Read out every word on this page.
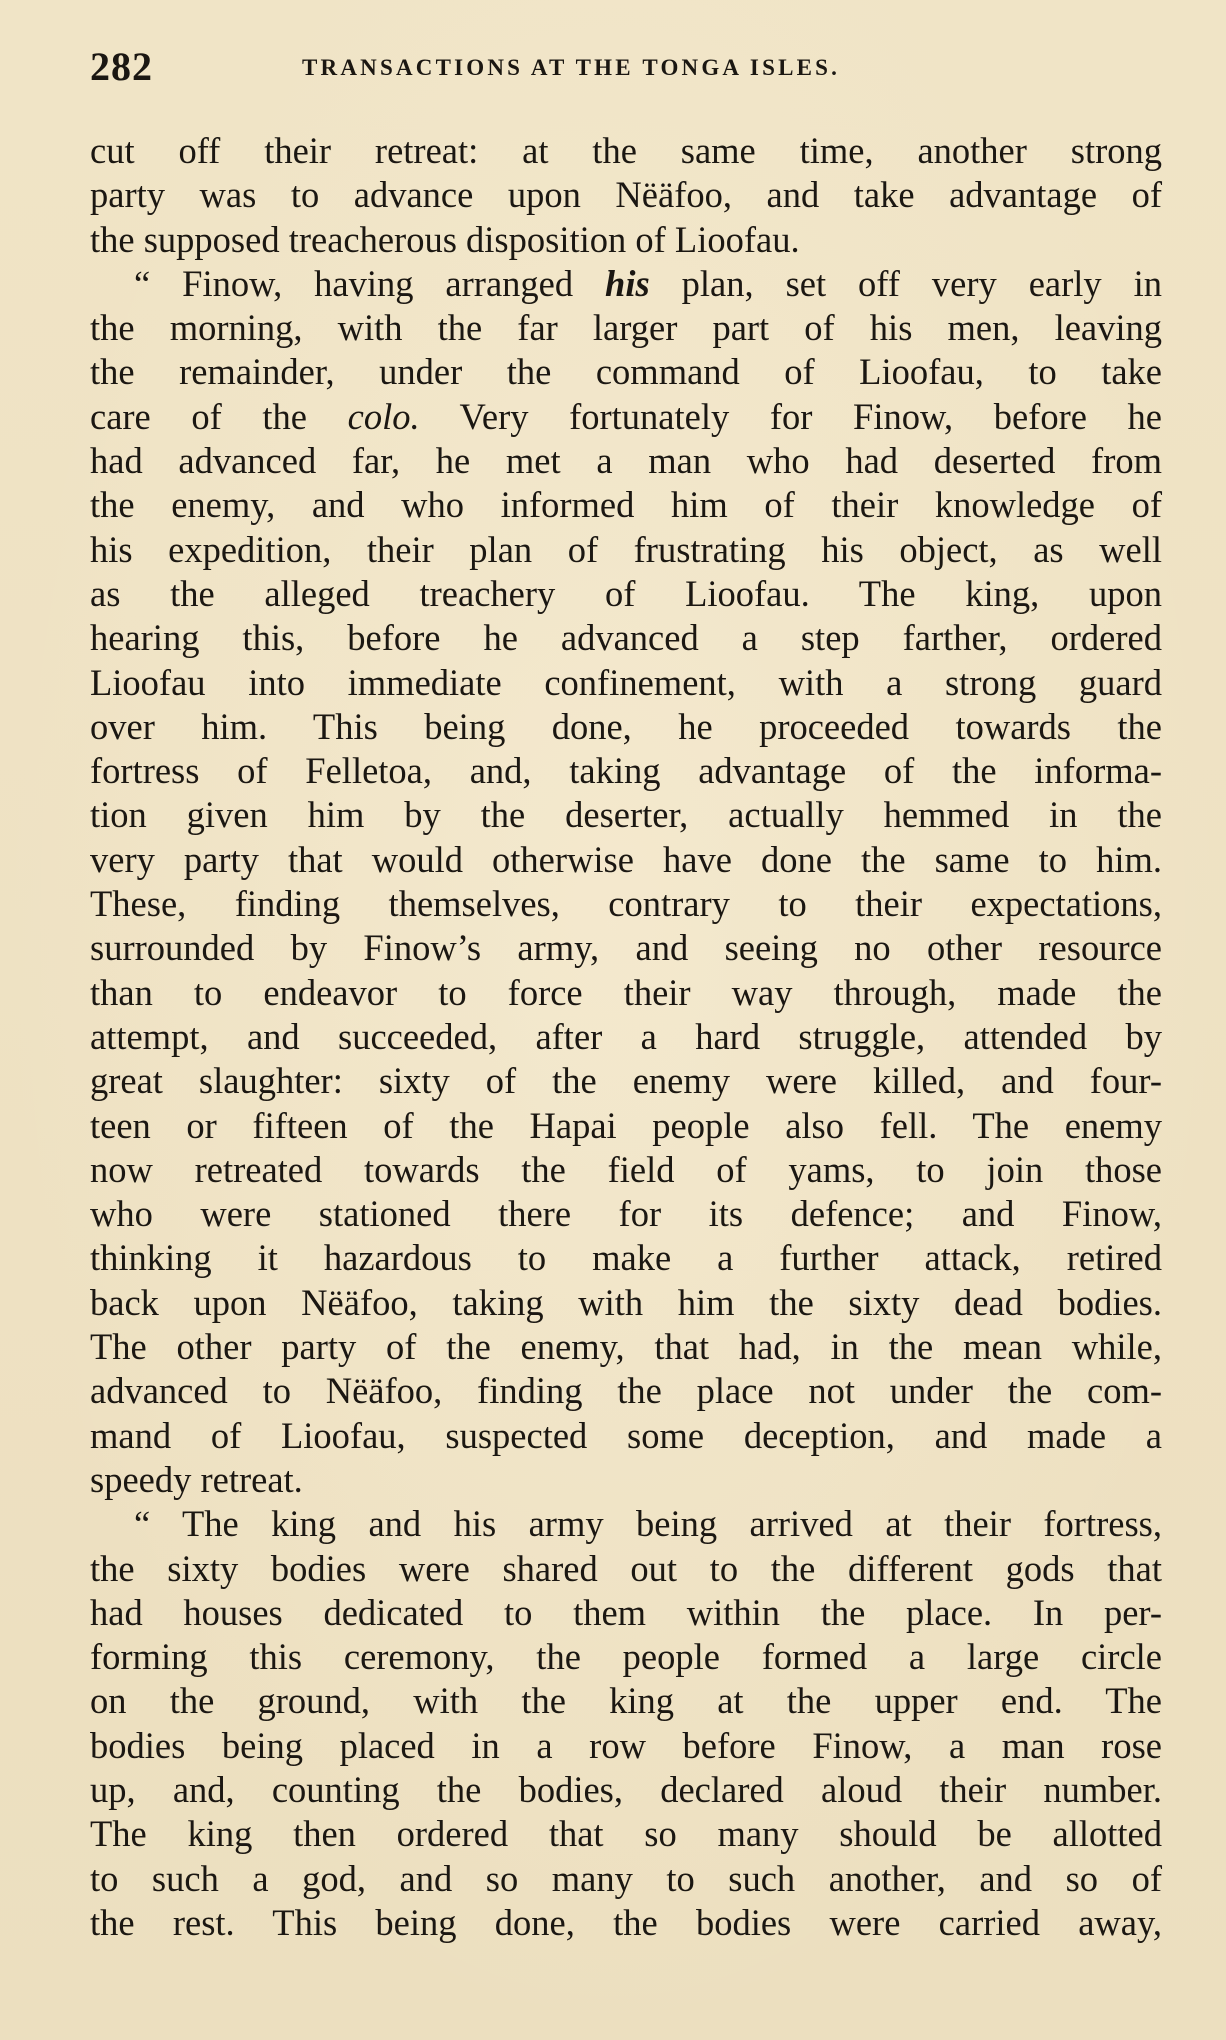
282	TRANSACTIONS AT THE TONGA ISLES.
cut off their retreat: at the same time, another strong
party was to advance upon Nëäfoo, and take advantage of
the supposed treacherous disposition of Lioofau.
“ Finow, having arranged his plan, set off very early in
the morning, with the far larger part of his men, leaving
the remainder, under the command of Lioofau, to take
care of the colo. Very fortunately for Finow, before he
had advanced far, he met a man who had deserted from
the enemy, and who informed him of their knowledge of
his expedition, their plan of frustrating his object, as well
as the alleged treachery of Lioofau. The king, upon
hearing this, before he advanced a step farther, ordered
Lioofau into immediate confinement, with a strong guard
over him. This being done, he proceeded towards the
fortress of Felletoa, and, taking advantage of the informa-
tion given him by the deserter, actually hemmed in the
very party that would otherwise have done the same to him.
These, finding themselves, contrary to their expectations,
surrounded by Finow’s army, and seeing no other resource
than to endeavor to force their way through, made the
attempt, and succeeded, after a hard struggle, attended by
great slaughter: sixty of the enemy were killed, and four-
teen or fifteen of the Hapai people also fell. The enemy
now retreated towards the field of yams, to join those
who were stationed there for its defence; and Finow,
thinking it hazardous to make a further attack, retired
back upon Nëäfoo, taking with him the sixty dead bodies.
The other party of the enemy, that had, in the mean while,
advanced to Nëäfoo, finding the place not under the com-
mand of Lioofau, suspected some deception, and made a
speedy retreat.
“ The king and his army being arrived at their fortress,
the sixty bodies were shared out to the different gods that
had houses dedicated to them within the place. In per-
forming this ceremony, the people formed a large circle
on the ground, with the king at the upper end. The
bodies being placed in a row before Finow, a man rose
up, and, counting the bodies, declared aloud their number.
The king then ordered that so many should be allotted
to such a god, and so many to such another, and so of
the rest. This being done, the bodies were carried away,
